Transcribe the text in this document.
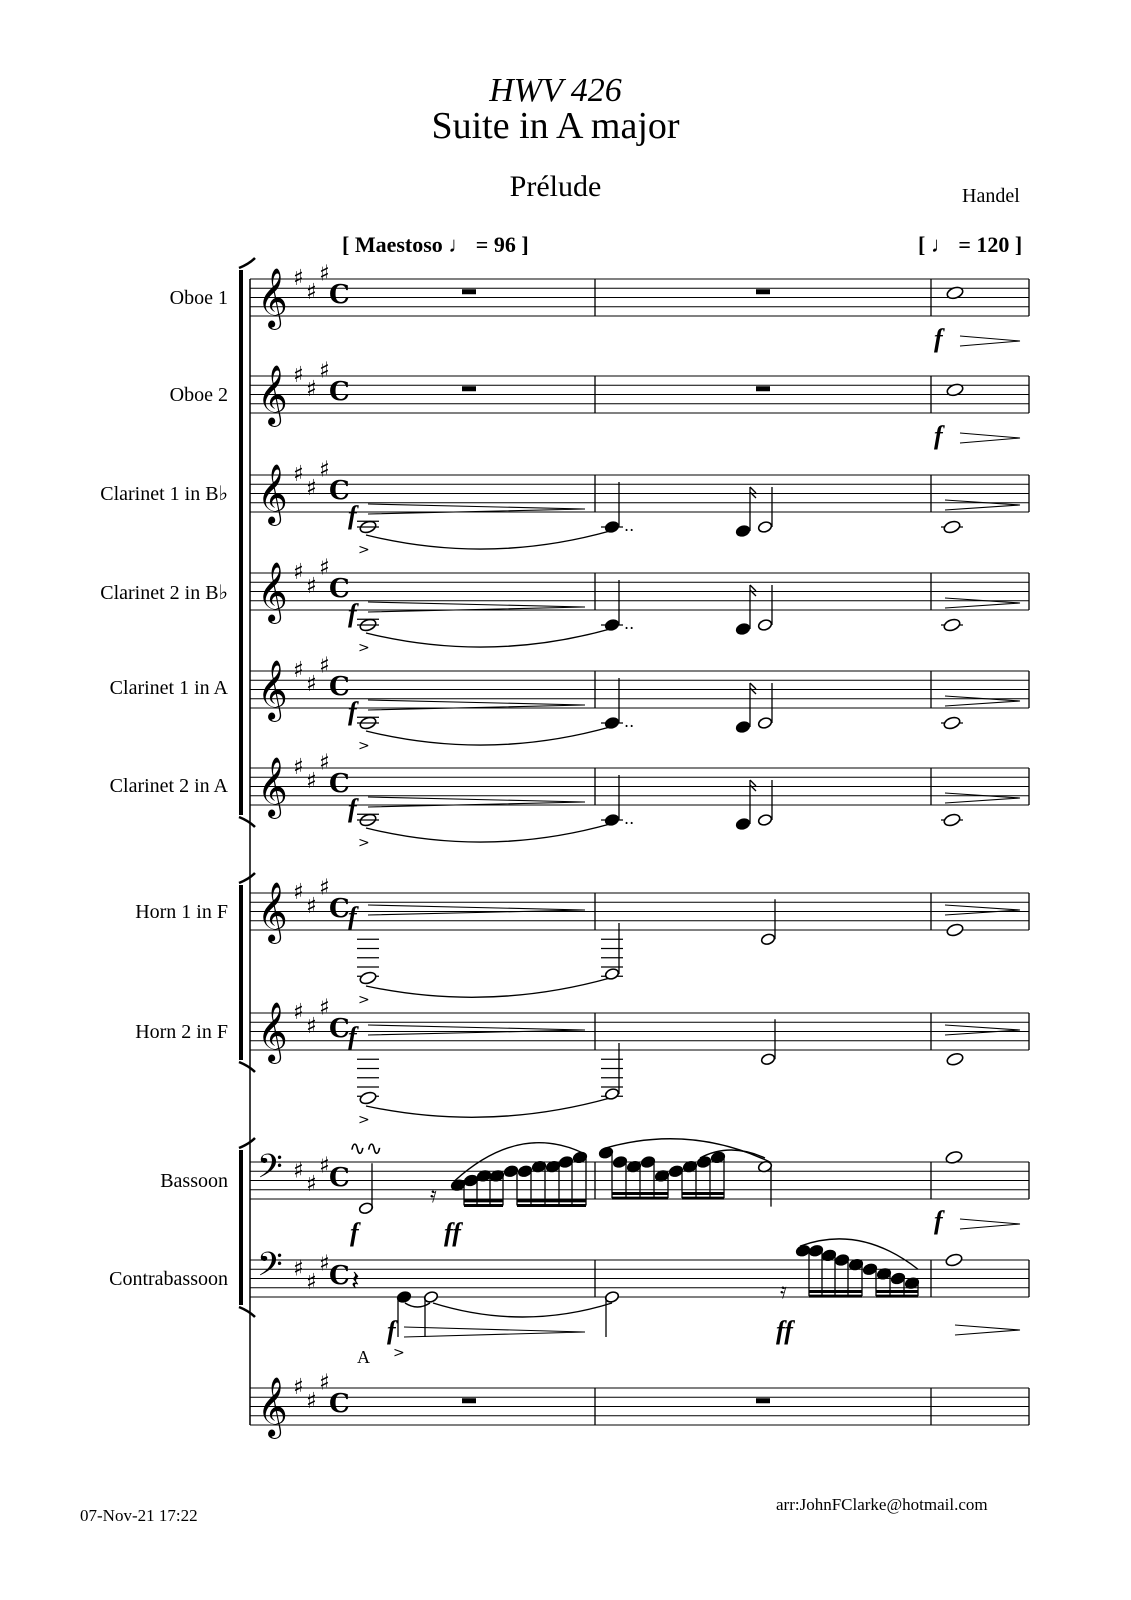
HWV 426
Suite in A major
Prélude	Handel
[ Maestoso ♩ = 96 ]	[ ♩ = 120 ]
Oboe 1
Oboe 2
Clarinet 1 in B♭
Clarinet 2 in B♭
Clarinet 1 in A
Clarinet 2 in A
Horn 1 in F
Horn 2 in F
Bassoon
Contrabassoon
A
07-Nov-21 17:22
arr:JohnFClarke@hotmail.com
𝄞 ♯
♯
♯
C
𝄞 ♯
♯
♯
C
𝄞 ♯
♯
♯
C
𝄞 ♯
♯
♯
C
𝄞 ♯
♯
♯
C
𝄞 ♯
♯
♯
C
𝄞 ♯
♯
♯
C
𝄞 ♯
♯
♯
C
𝄢 ♯
♯
♯ C
𝄢 ♯
♯
♯ C
𝄞 ♯
♯
♯
C
>
..
>
..
>
..
>
..
>
>
∿∿
𝄿
𝄽
>
𝄿
f
f
f
f
f
f
f
f
f	ff	f
f	ff
